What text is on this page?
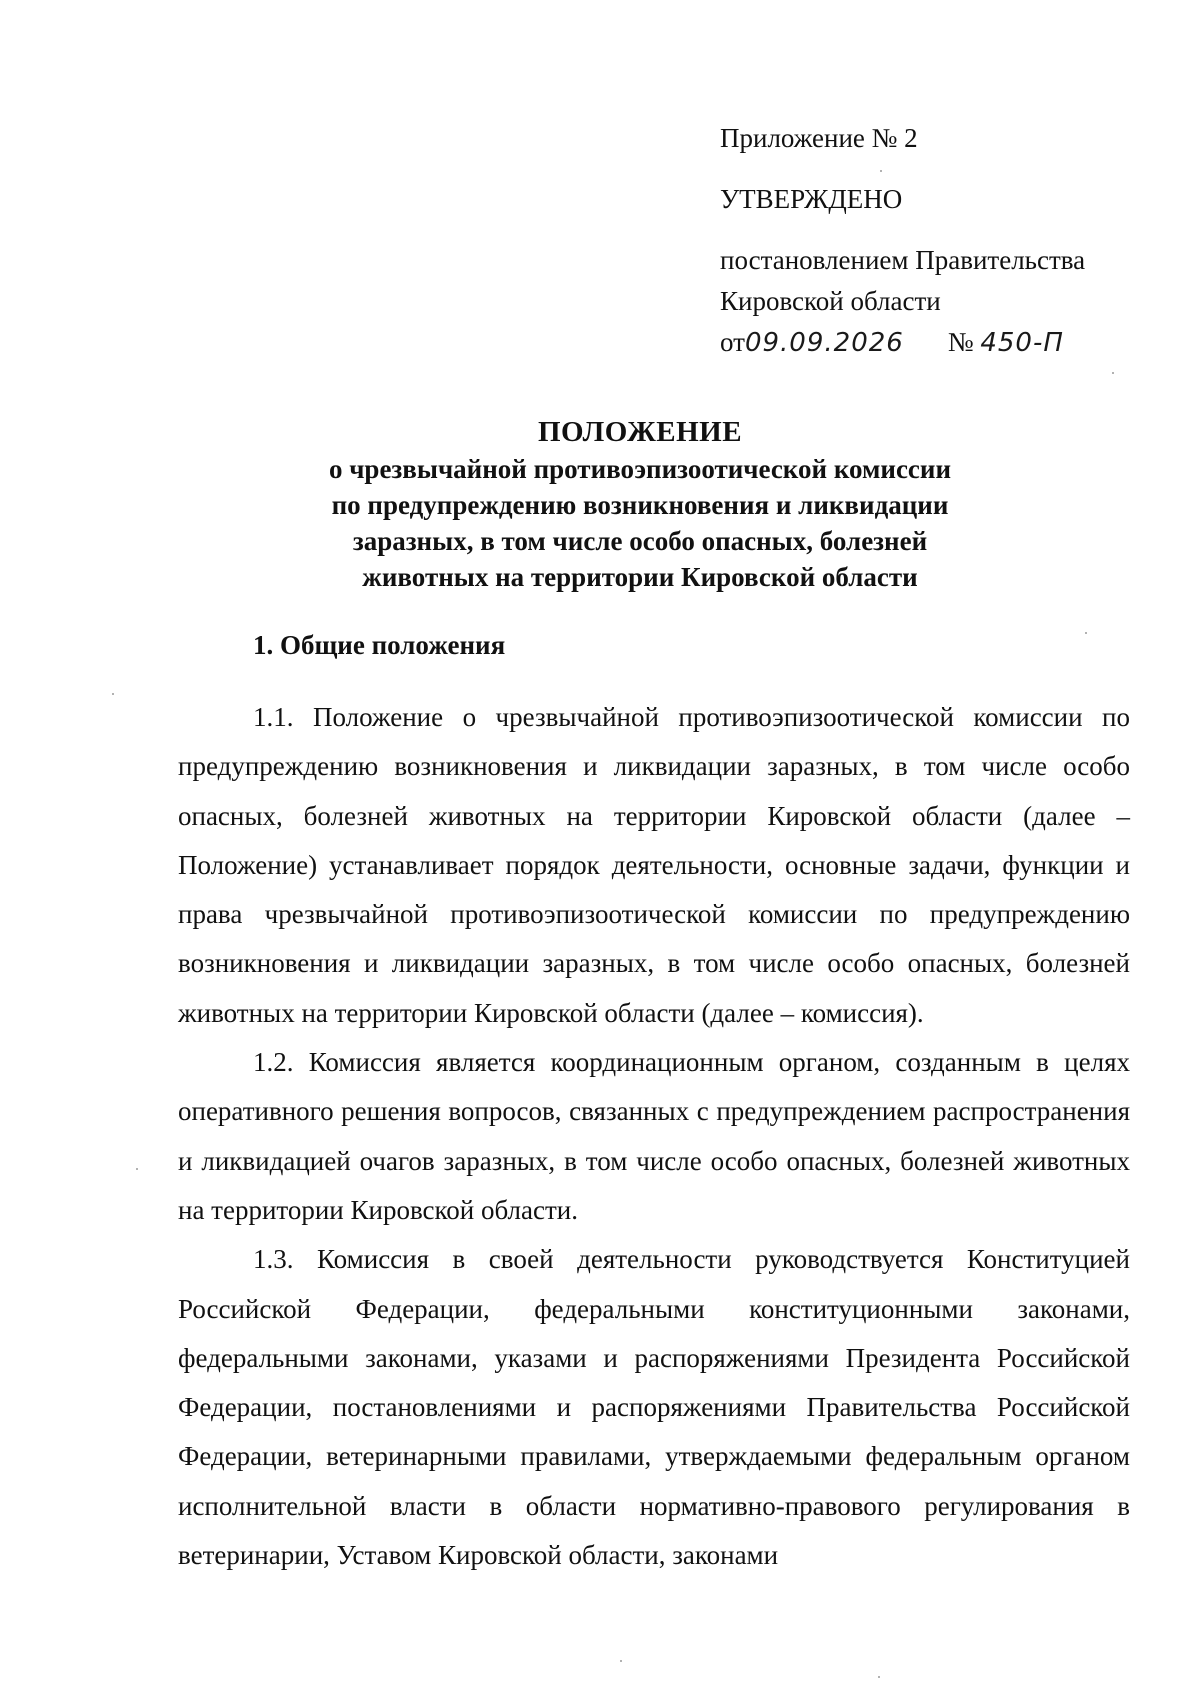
Приложение № 2
УТВЕРЖДЕНО
постановлением Правительства
Кировской области
от09.09.2026 № 450-П

ПОЛОЖЕНИЕ

о чрезвычайной противоэпизоотической комиссии
по предупреждению возникновения и ликвидации
заразных, в том числе особо опасных, болезней
животных на территории Кировской области

1. Общие положения

1.1. Положение о чрезвычайной противоэпизоотической комиссии по предупреждению возникновения и ликвидации заразных, в том числе особо опасных, болезней животных на территории Кировской области (далее – Положение) устанавливает порядок деятельности, основные задачи, функции и права чрезвычайной противоэпизоотической комиссии по предупреждению возникновения и ликвидации заразных, в том числе особо опасных, болезней животных на территории Кировской области (далее – комиссия).

1.2. Комиссия является координационным органом, созданным в целях оперативного решения вопросов, связанных с предупреждением распространения и ликвидацией очагов заразных, в том числе особо опасных, болезней животных на территории Кировской области.

1.3. Комиссия в своей деятельности руководствуется Конституцией Российской Федерации, федеральными конституционными законами, федеральными законами, указами и распоряжениями Президента Российской Федерации, постановлениями и распоряжениями Правительства Российской Федерации, ветеринарными правилами, утверждаемыми федеральным органом исполнительной власти в области нормативно-правового регулирования в ветеринарии, Уставом Кировской области, законами
